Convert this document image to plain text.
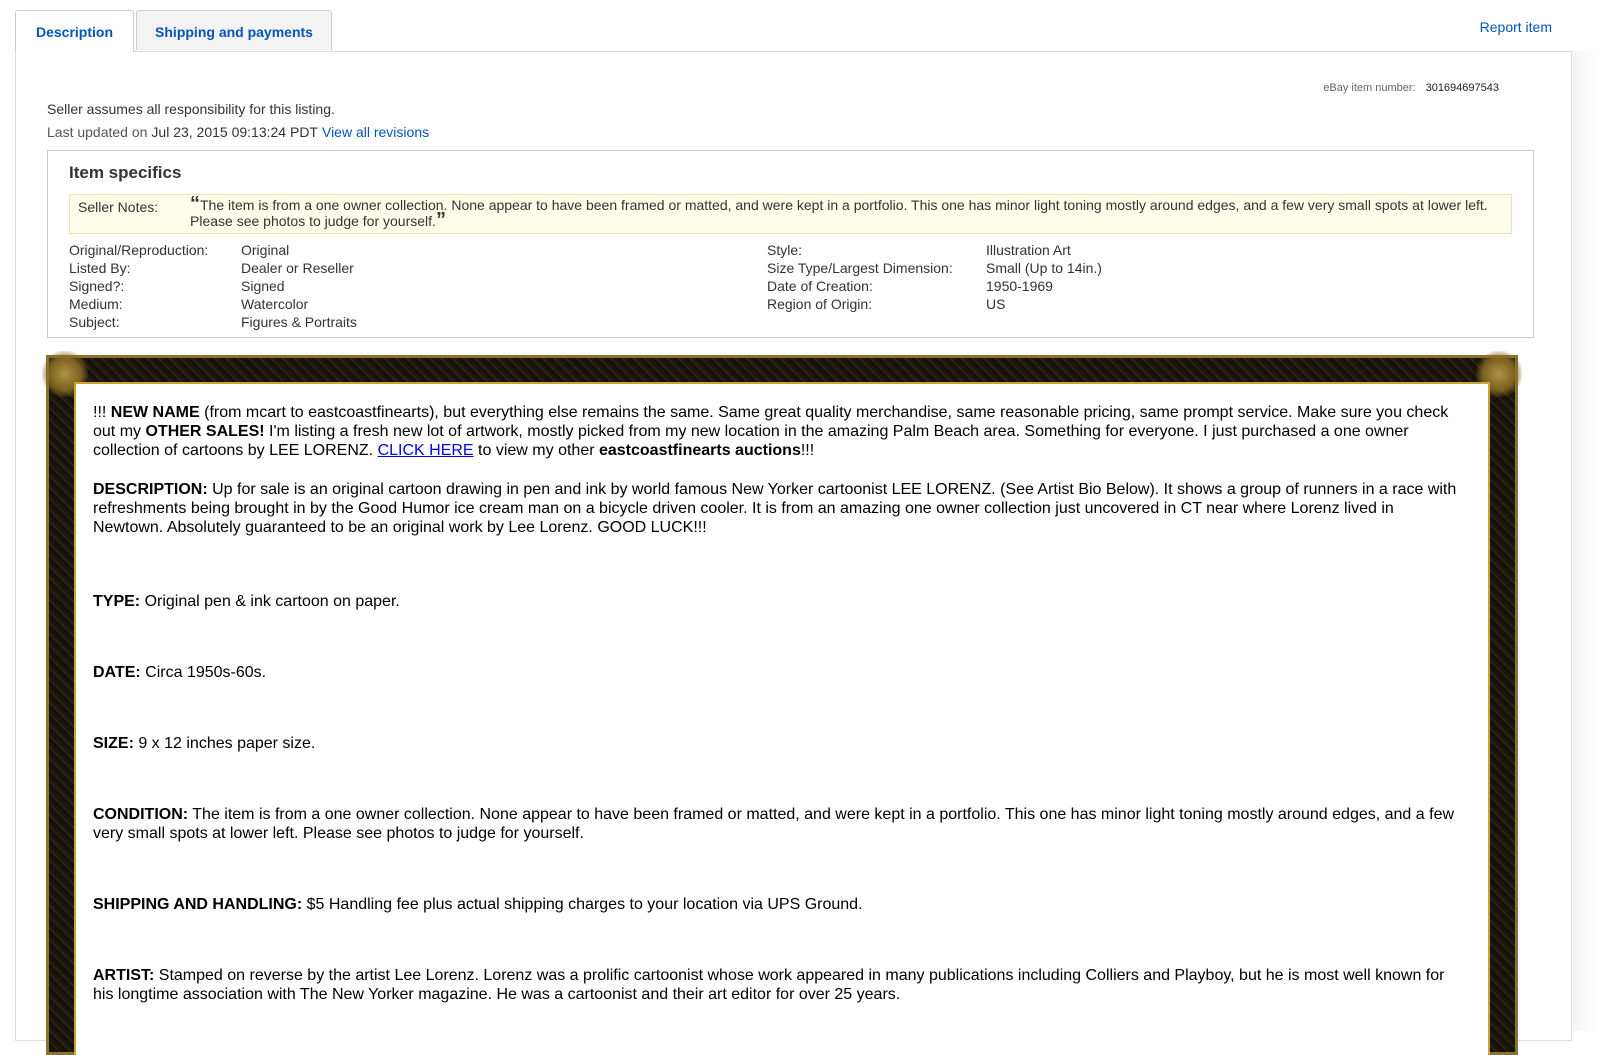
Description	Shipping and payments	Report item
eBay item number: 301694697543
Seller assumes all responsibility for this listing.
Last updated on Jul 23, 2015 09:13:24 PDT View all revisions
Item specifics
Seller Notes: “The item is from a one owner collection. None appear to have been framed or matted, and were kept in a portfolio. This one has minor light toning mostly around edges, and a few very small spots at lower left. Please see photos to judge for yourself.”
Original/Reproduction: Original
Listed By:	Dealer or Reseller
Signed?:	Signed
Medium:	Watercolor
Subject:	Figures & Portraits
Style:	Illustration Art
Size Type/Largest Dimension: Small (Up to 14in.)
Date of Creation:	1950-1969
Region of Origin:	US
!!! NEW NAME (from mcart to eastcoastfinearts), but everything else remains the same. Same great quality merchandise, same reasonable pricing, same prompt service. Make sure you check out my OTHER SALES! I'm listing a fresh new lot of artwork, mostly picked from my new location in the amazing Palm Beach area. Something for everyone. I just purchased a one owner collection of cartoons by LEE LORENZ. CLICK HERE to view my other eastcoastfinearts auctions!!!
DESCRIPTION: Up for sale is an original cartoon drawing in pen and ink by world famous New Yorker cartoonist LEE LORENZ. (See Artist Bio Below). It shows a group of runners in a race with refreshments being brought in by the Good Humor ice cream man on a bicycle driven cooler. It is from an amazing one owner collection just uncovered in CT near where Lorenz lived in Newtown. Absolutely guaranteed to be an original work by Lee Lorenz. GOOD LUCK!!!
TYPE: Original pen & ink cartoon on paper.
DATE: Circa 1950s-60s.
SIZE: 9 x 12 inches paper size.
CONDITION: The item is from a one owner collection. None appear to have been framed or matted, and were kept in a portfolio. This one has minor light toning mostly around edges, and a few very small spots at lower left. Please see photos to judge for yourself.
SHIPPING AND HANDLING: $5 Handling fee plus actual shipping charges to your location via UPS Ground.
ARTIST: Stamped on reverse by the artist Lee Lorenz. Lorenz was a prolific cartoonist whose work appeared in many publications including Colliers and Playboy, but he is most well known for his longtime association with The New Yorker magazine. He was a cartoonist and their art editor for over 25 years.
